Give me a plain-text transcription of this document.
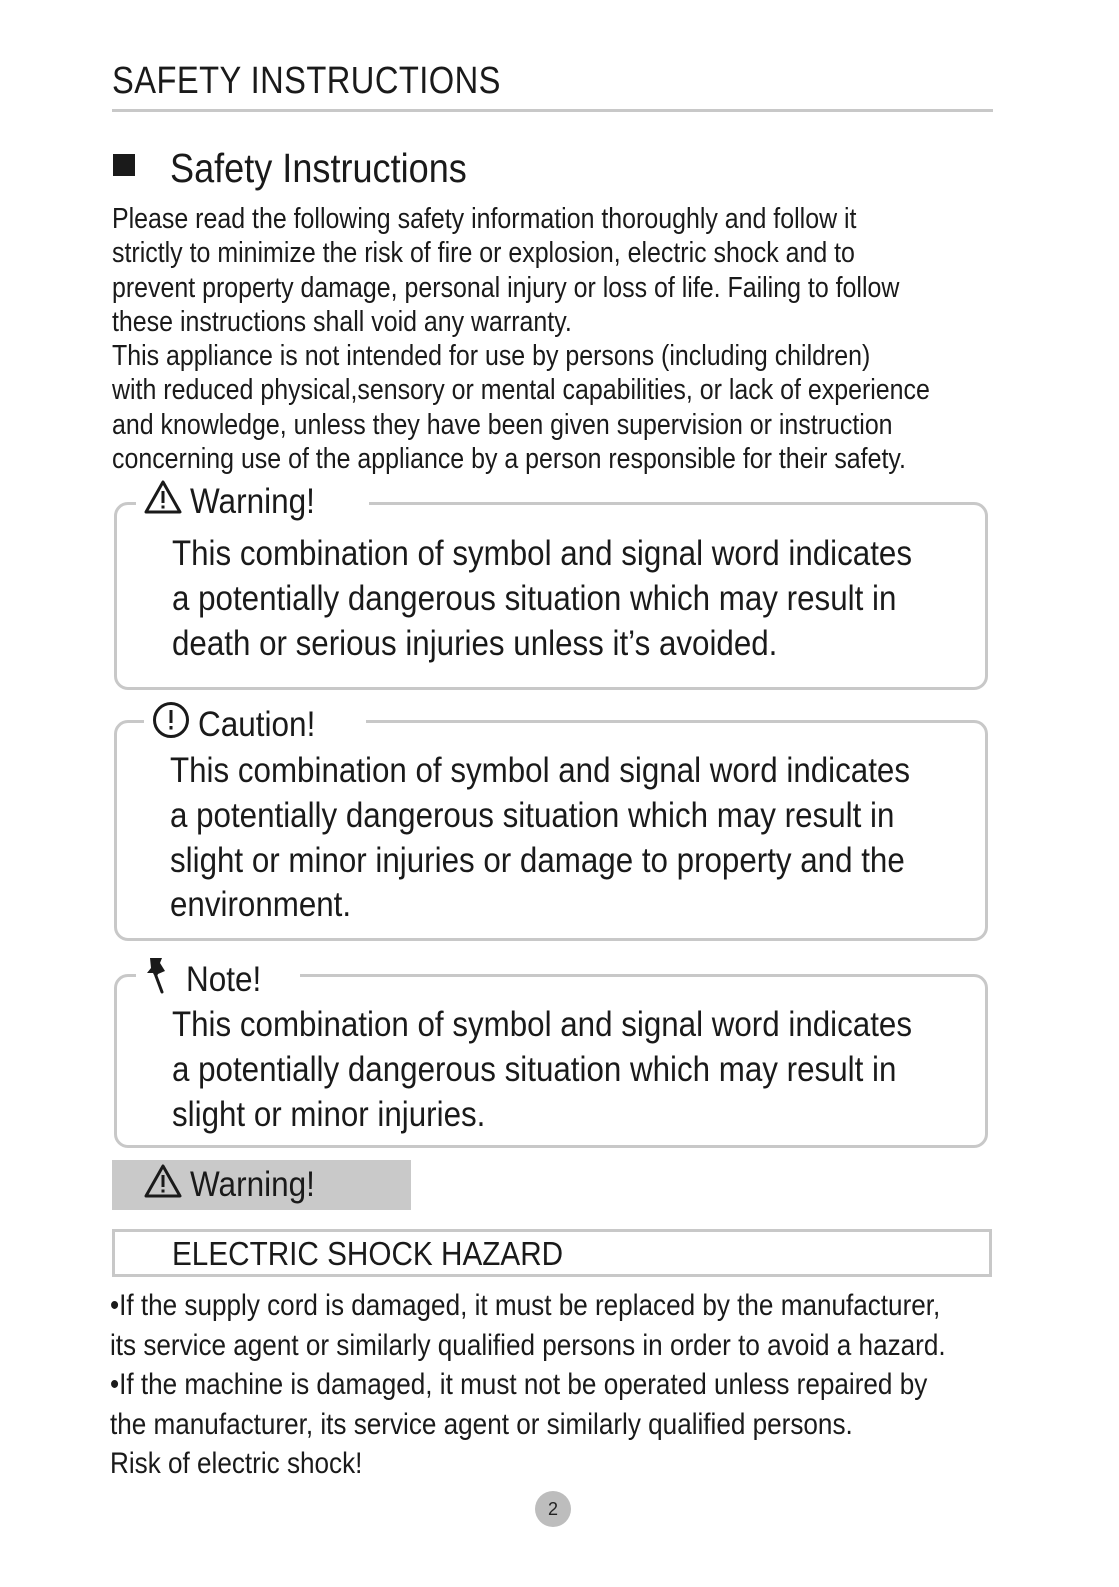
SAFETY INSTRUCTIONS
Safety Instructions

Please read the following safety information thoroughly and follow it

strictly to minimize the risk of fire or explosion, electric shock and to

prevent property damage, personal injury or loss of life. Failing to follow

these instructions shall void any warranty.

This appliance is not intended for use by persons (including children)

with reduced physical,sensory or mental capabilities, or lack of experience

and knowledge, unless they have been given supervision or instruction

concerning use of the appliance by a person responsible for their safety.

Warning!

This combination of symbol and signal word indicates

a potentially dangerous situation which may result in

death or serious injuries unless it’s avoided.

Caution!

This combination of symbol and signal word indicates

a potentially dangerous situation which may result in

slight or minor injuries or damage to property and the

environment.

Note!

This combination of symbol and signal word indicates

a potentially dangerous situation which may result in

slight or minor injuries.

Warning!
ELECTRIC SHOCK HAZARD

•If the supply cord is damaged, it must be replaced by the manufacturer,

its service agent or similarly qualified persons in order to avoid a hazard.

•If the machine is damaged, it must not be operated unless repaired by

the manufacturer, its service agent or similarly qualified persons.

Risk of electric shock!

2
